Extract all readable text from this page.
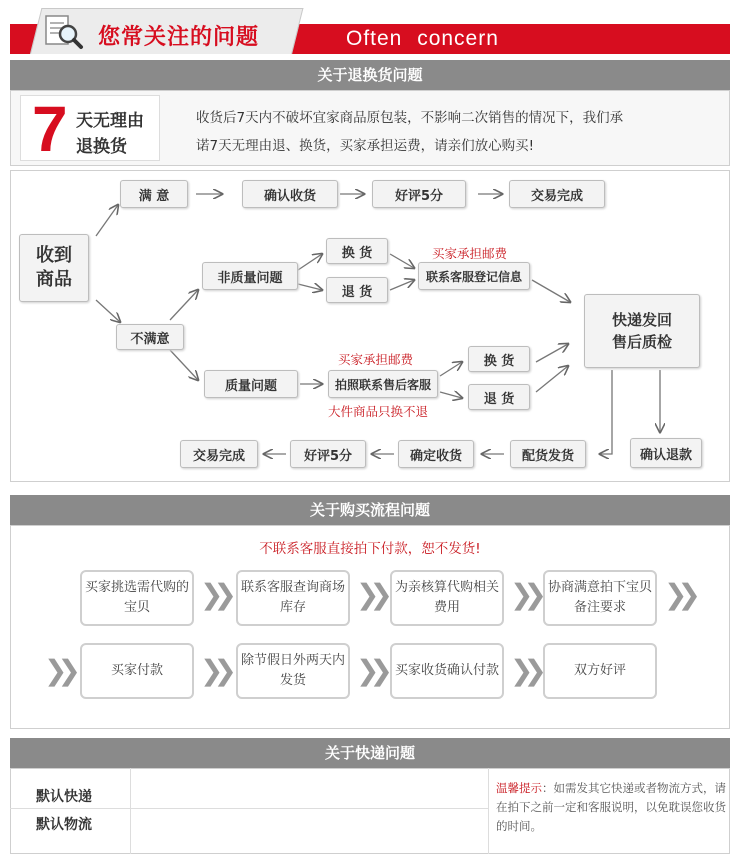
您常关注的问题	Often concern
关于退换货问题
7 天无理由
退换货
收货后7天内不破坏宜家商品原包装，不影响二次销售的情况下，我们承
诺7天无理由退、换货，买家承担运费，请亲们放心购买!
收到商品
满 意	确认收货	好评5分	交易完成
不满意
非质量问题
换 货
退 货
买家承担邮费
联系客服登记信息
质量问题
买家承担邮费
拍照联系售后客服
大件商品只换不退
换 货
退 货
快递发回售后质检
确认退款
配货发货
确定收货
好评5分
交易完成
关于购买流程问题
不联系客服直接拍下付款，恕不发货!
买家挑选需代购的宝贝	❯❯	联系客服查询商场库存	❯❯ 为亲核算代购相关费用	❯❯ 协商满意拍下宝贝备注要求	❯❯
❯❯	买家付款	❯❯	除节假日外两天内发货	❯❯ 买家收货确认付款 ❯❯	双方好评
关于快递问题
默认快递
默认物流
温馨提示：如需发其它快递或者物流方式，请在拍下之前一定和客服说明，以免耽误您收货的时间。
